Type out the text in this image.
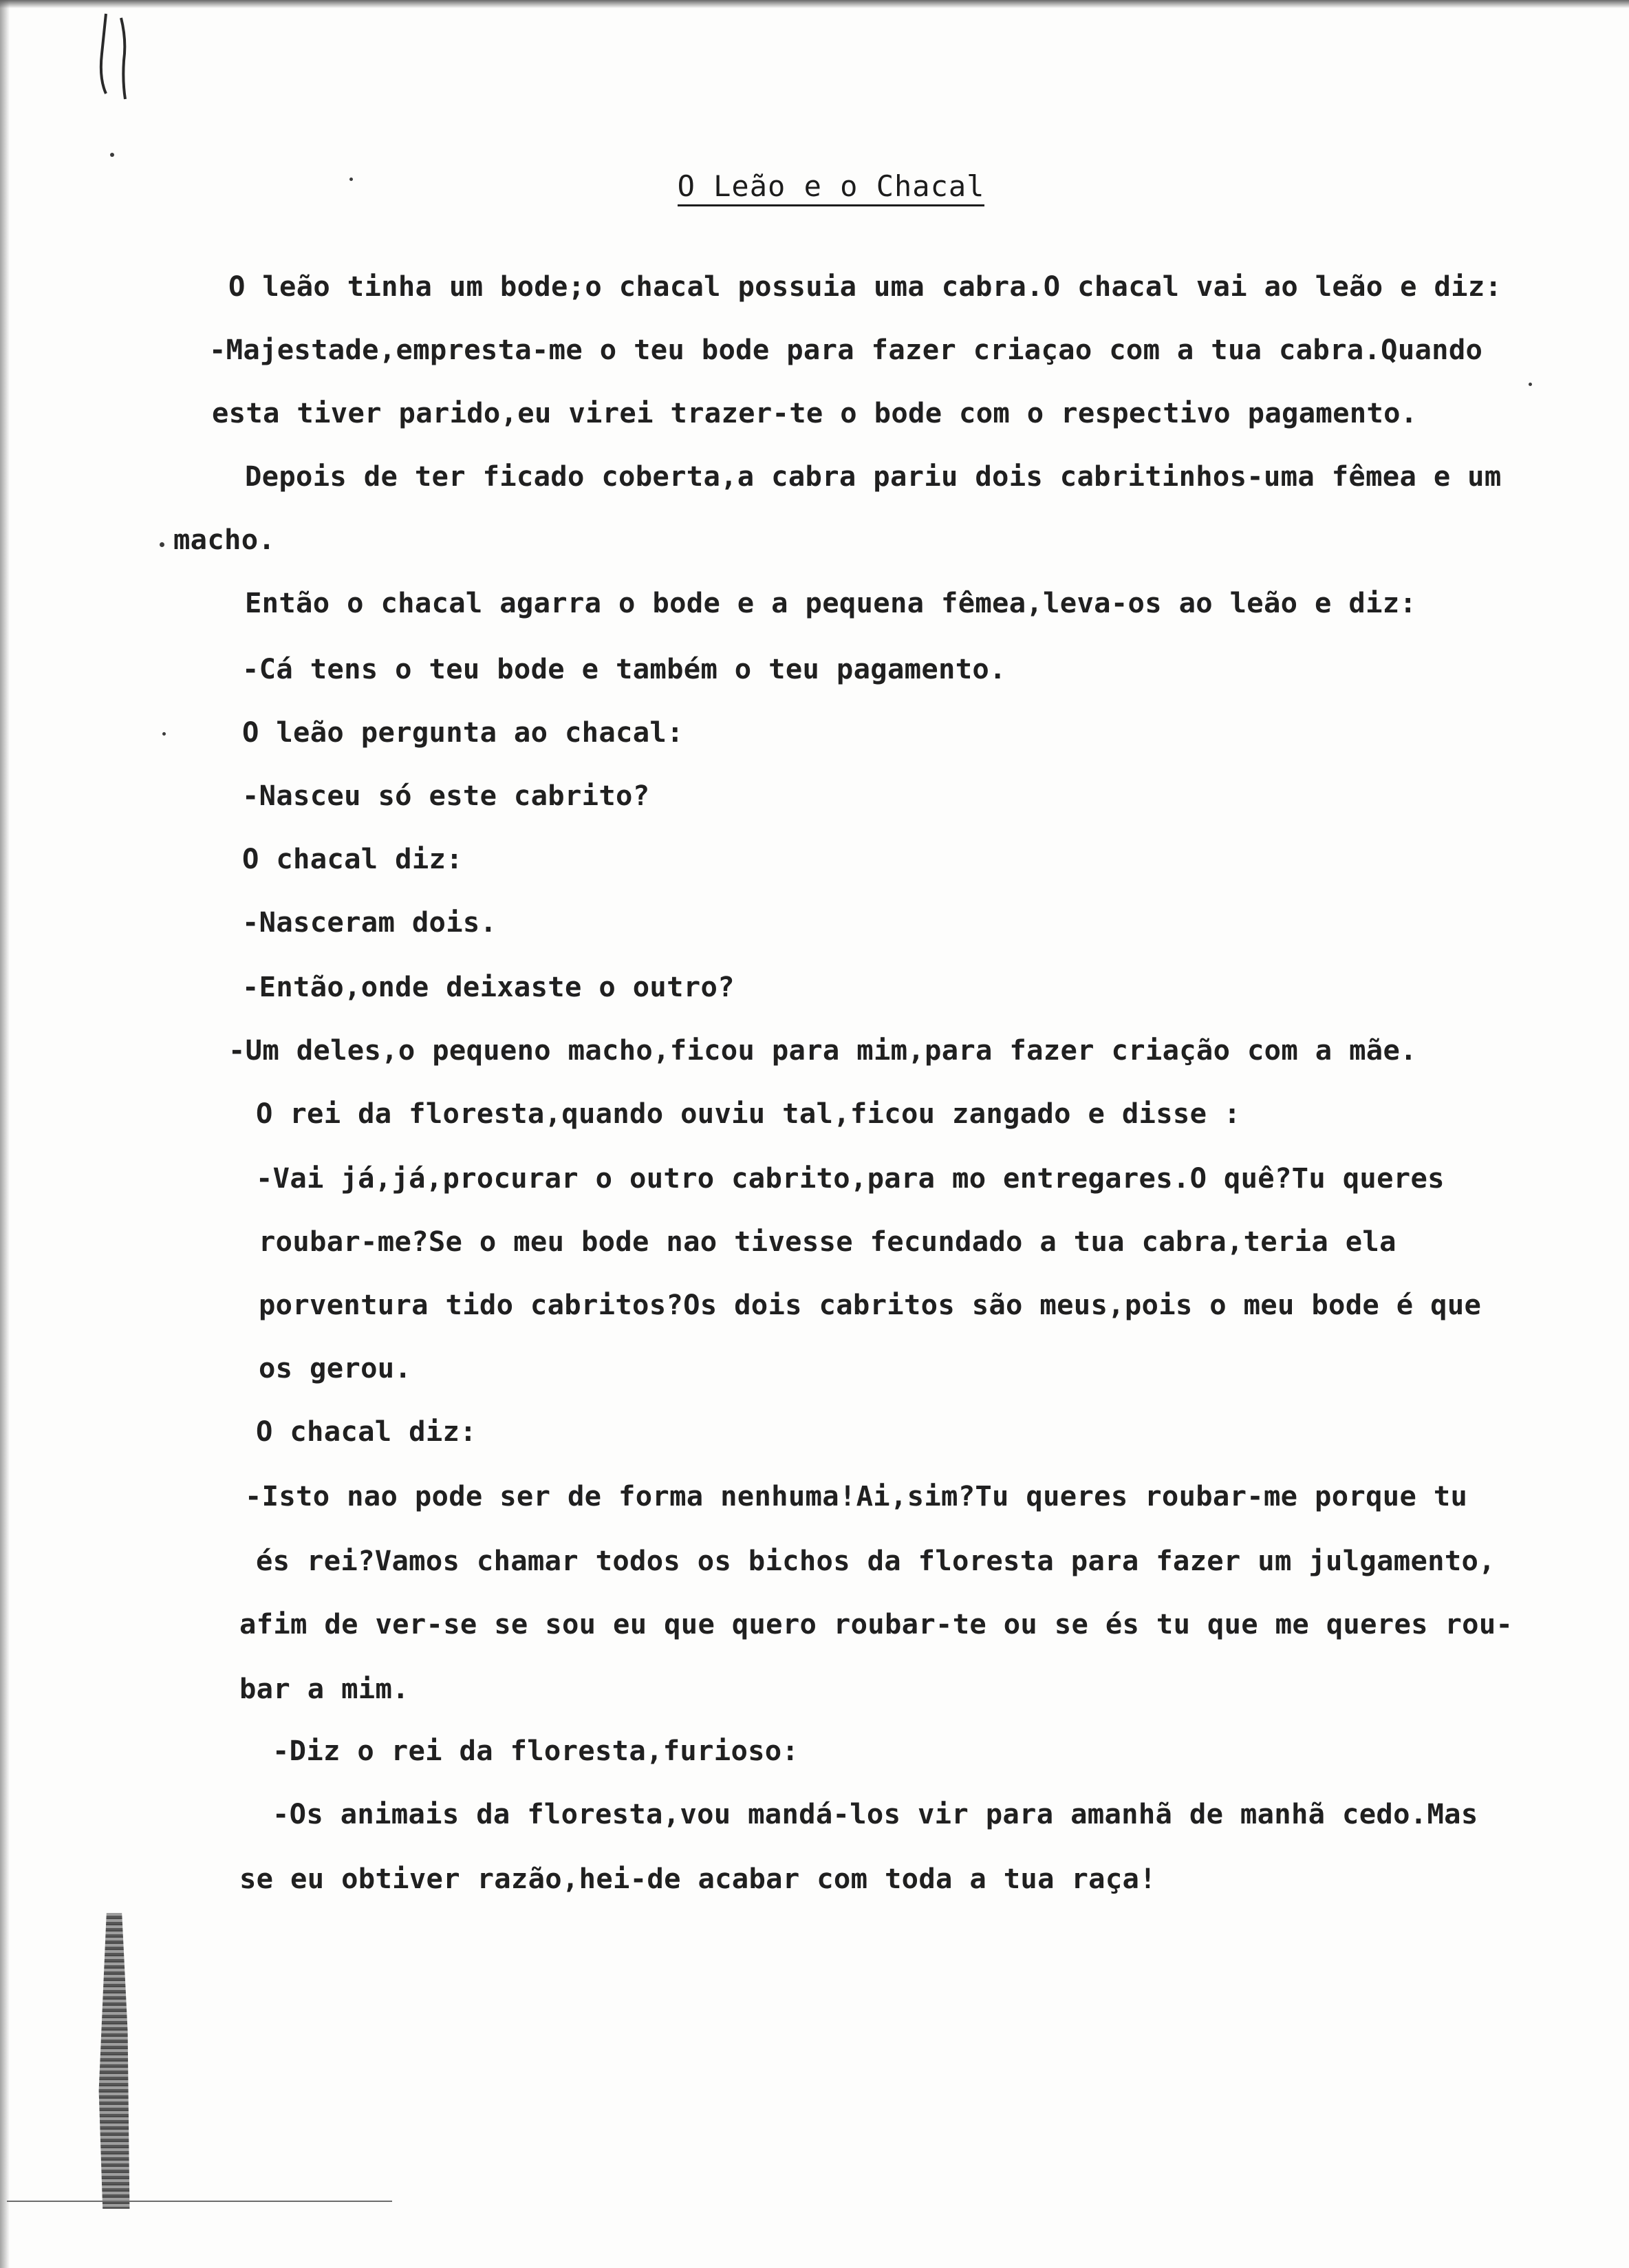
O Leão e o Chacal
O leão tinha um bode;o chacal possuia uma cabra.O chacal vai ao leão e diz:
-Majestade,empresta-me o teu bode para fazer criaçao com a tua cabra.Quando
esta tiver parido,eu virei trazer-te o bode com o respectivo pagamento.
Depois de ter ficado coberta,a cabra pariu dois cabritinhos-uma fêmea e um
macho.
Então o chacal agarra o bode e a pequena fêmea,leva-os ao leão e diz:
-Cá tens o teu bode e também o teu pagamento.
O leão pergunta ao chacal:
-Nasceu só este cabrito?
O chacal diz:
-Nasceram dois.
-Então,onde deixaste o outro?
-Um deles,o pequeno macho,ficou para mim,para fazer criação com a mãe.
O rei da floresta,quando ouviu tal,ficou zangado e disse :
-Vai já,já,procurar o outro cabrito,para mo entregares.O quê?Tu queres
roubar-me?Se o meu bode nao tivesse fecundado a tua cabra,teria ela
porventura tido cabritos?Os dois cabritos são meus,pois o meu bode é que
os gerou.
O chacal diz:
-Isto nao pode ser de forma nenhuma!Ai,sim?Tu queres roubar-me porque tu
és rei?Vamos chamar todos os bichos da floresta para fazer um julgamento,
afim de ver-se se sou eu que quero roubar-te ou se és tu que me queres rou-
bar a mim.
-Diz o rei da floresta,furioso:
-Os animais da floresta,vou mandá-los vir para amanhã de manhã cedo.Mas
se eu obtiver razão,hei-de acabar com toda a tua raça!
